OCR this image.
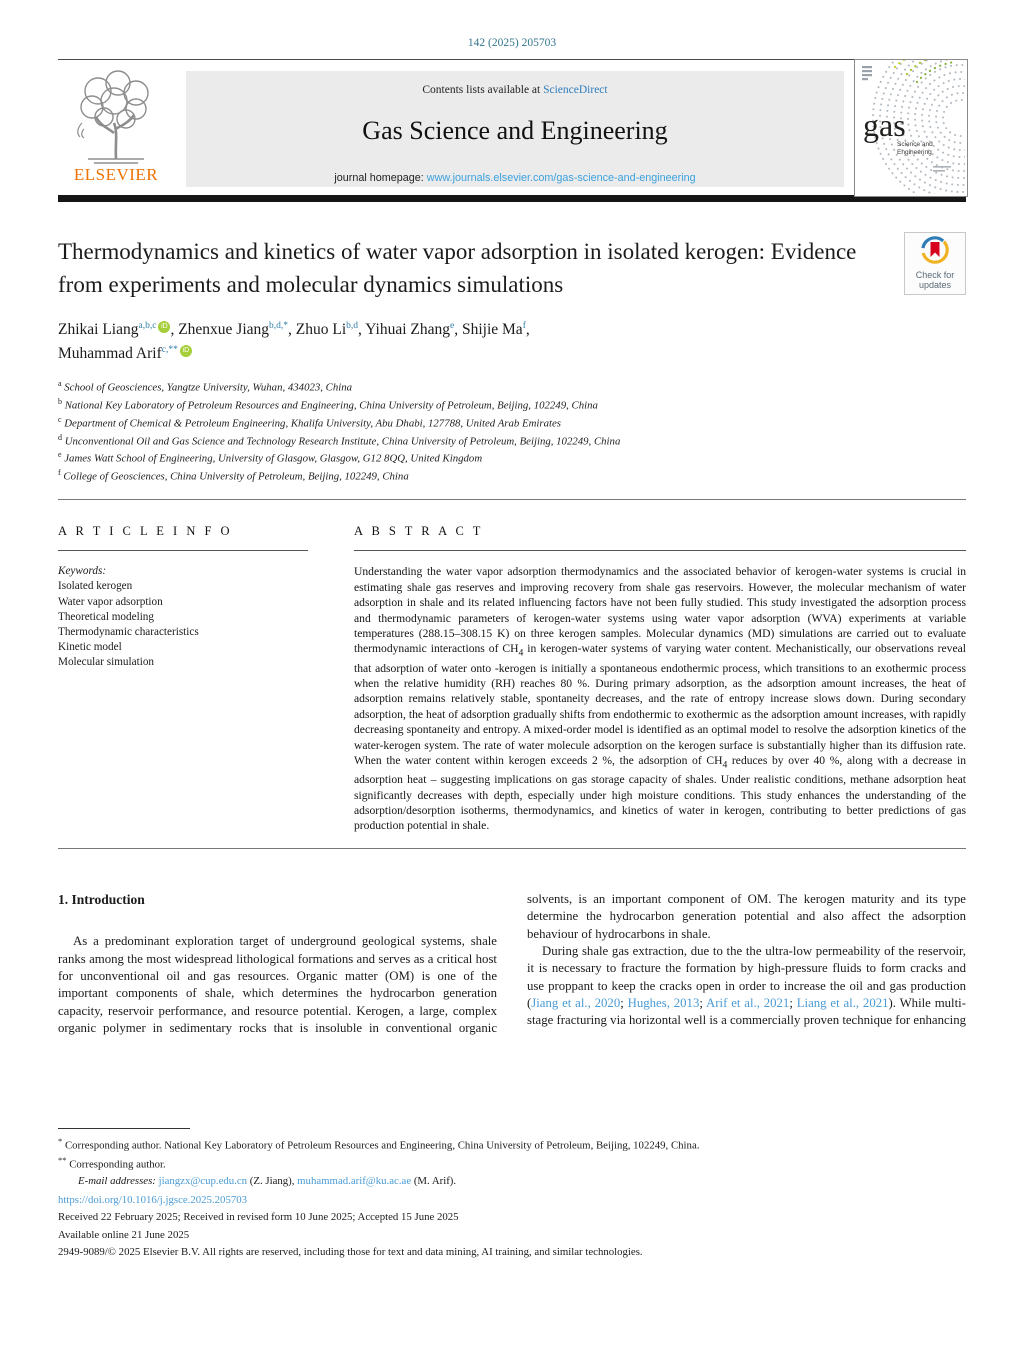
142 (2025) 205703
ELSEVIER
Contents lists available at ScienceDirect
Gas Science and Engineering
journal homepage: www.journals.elsevier.com/gas-science-and-engineering
gas
Science and
Engineering
Thermodynamics and kinetics of water vapor adsorption in isolated kerogen: Evidence from experiments and molecular dynamics simulations	Check for
updates
Zhikai Liang$^{a,b,c}$ iD , Zhenxue Jiang$^{b,d,*}$, Zhuo Li$^{b,d}$, Yihuai Zhang$^e$, Shijie Ma$^f$,
Muhammad Arif$^{c,**}$ iD
$^a$ School of Geosciences, Yangtze University, Wuhan, 434023, China
$^b$ National Key Laboratory of Petroleum Resources and Engineering, China University of Petroleum, Beijing, 102249, China
$^c$ Department of Chemical & Petroleum Engineering, Khalifa University, Abu Dhabi, 127788, United Arab Emirates
$^d$ Unconventional Oil and Gas Science and Technology Research Institute, China University of Petroleum, Beijing, 102249, China
$^e$ James Watt School of Engineering, University of Glasgow, Glasgow, G12 8QQ, United Kingdom
$^f$ College of Geosciences, China University of Petroleum, Beijing, 102249, China
A R T I C L E I N F O
Keywords:
Isolated kerogen
Water vapor adsorption
Theoretical modeling
Thermodynamic characteristics
Kinetic model
Molecular simulation
A B S T R A C T
Understanding the water vapor adsorption thermodynamics and the associated behavior of kerogen-water systems is crucial in estimating shale gas reserves and improving recovery from shale gas reservoirs. However, the molecular mechanism of water adsorption in shale and its related influencing factors have not been fully studied. This study investigated the adsorption process and thermodynamic parameters of kerogen-water systems using water vapor adsorption (WVA) experiments at variable temperatures (288.15–308.15 K) on three kerogen samples. Molecular dynamics (MD) simulations are carried out to evaluate thermodynamic interactions of $CH_4$ in kerogen-water systems of varying water content. Mechanistically, our observations reveal that adsorption of water onto -kerogen is initially a spontaneous endothermic process, which transitions to an exothermic process when the relative humidity (RH) reaches 80 %. During primary adsorption, as the adsorption amount increases, the heat of adsorption remains relatively stable, spontaneity decreases, and the rate of entropy increase slows down. During secondary adsorption, the heat of adsorption gradually shifts from endothermic to exothermic as the adsorption amount increases, with rapidly decreasing spontaneity and entropy. A mixed-order model is identified as an optimal model to resolve the adsorption kinetics of the water-kerogen system. The rate of water molecule adsorption on the kerogen surface is substantially higher than its diffusion rate. When the water content within kerogen exceeds 2 %, the adsorption of $CH_4$ reduces by over 40 %, along with a decrease in adsorption heat – suggesting implications on gas storage capacity of shales. Under realistic conditions, methane adsorption heat significantly decreases with depth, especially under high moisture conditions. This study enhances the understanding of the adsorption/desorption isotherms, thermodynamics, and kinetics of water in kerogen, contributing to better predictions of gas production potential in shale.
1. Introduction

As a predominant exploration target of underground geological systems, shale ranks among the most widespread lithological formations and serves as a critical host for unconventional oil and gas resources. Organic matter (OM) is one of the important components of shale, which determines the hydrocarbon generation capacity, reservoir performance, and resource potential. Kerogen, a large, complex organic polymer in sedimentary rocks that is insoluble in conventional organic

solvents, is an important component of OM. The kerogen maturity and its type determine the hydrocarbon generation potential and also affect the adsorption behaviour of hydrocarbons in shale.

During shale gas extraction, due to the the ultra-low permeability of the reservoir, it is necessary to fracture the formation by high-pressure fluids to form cracks and use proppant to keep the cracks open in order to increase the oil and gas production (Jiang et al., 2020; Hughes, 2013; Arif et al., 2021; Liang et al., 2021). While multi-stage fracturing via horizontal well is a commercially proven technique for enhancing

* Corresponding author. National Key Laboratory of Petroleum Resources and Engineering, China University of Petroleum, Beijing, 102249, China.
** Corresponding author.
E-mail addresses: jiangzx@cup.edu.cn (Z. Jiang), muhammad.arif@ku.ac.ae (M. Arif).
https://doi.org/10.1016/j.jgsce.2025.205703
Received 22 February 2025; Received in revised form 10 June 2025; Accepted 15 June 2025
Available online 21 June 2025
2949-9089/© 2025 Elsevier B.V. All rights are reserved, including those for text and data mining, AI training, and similar technologies.
